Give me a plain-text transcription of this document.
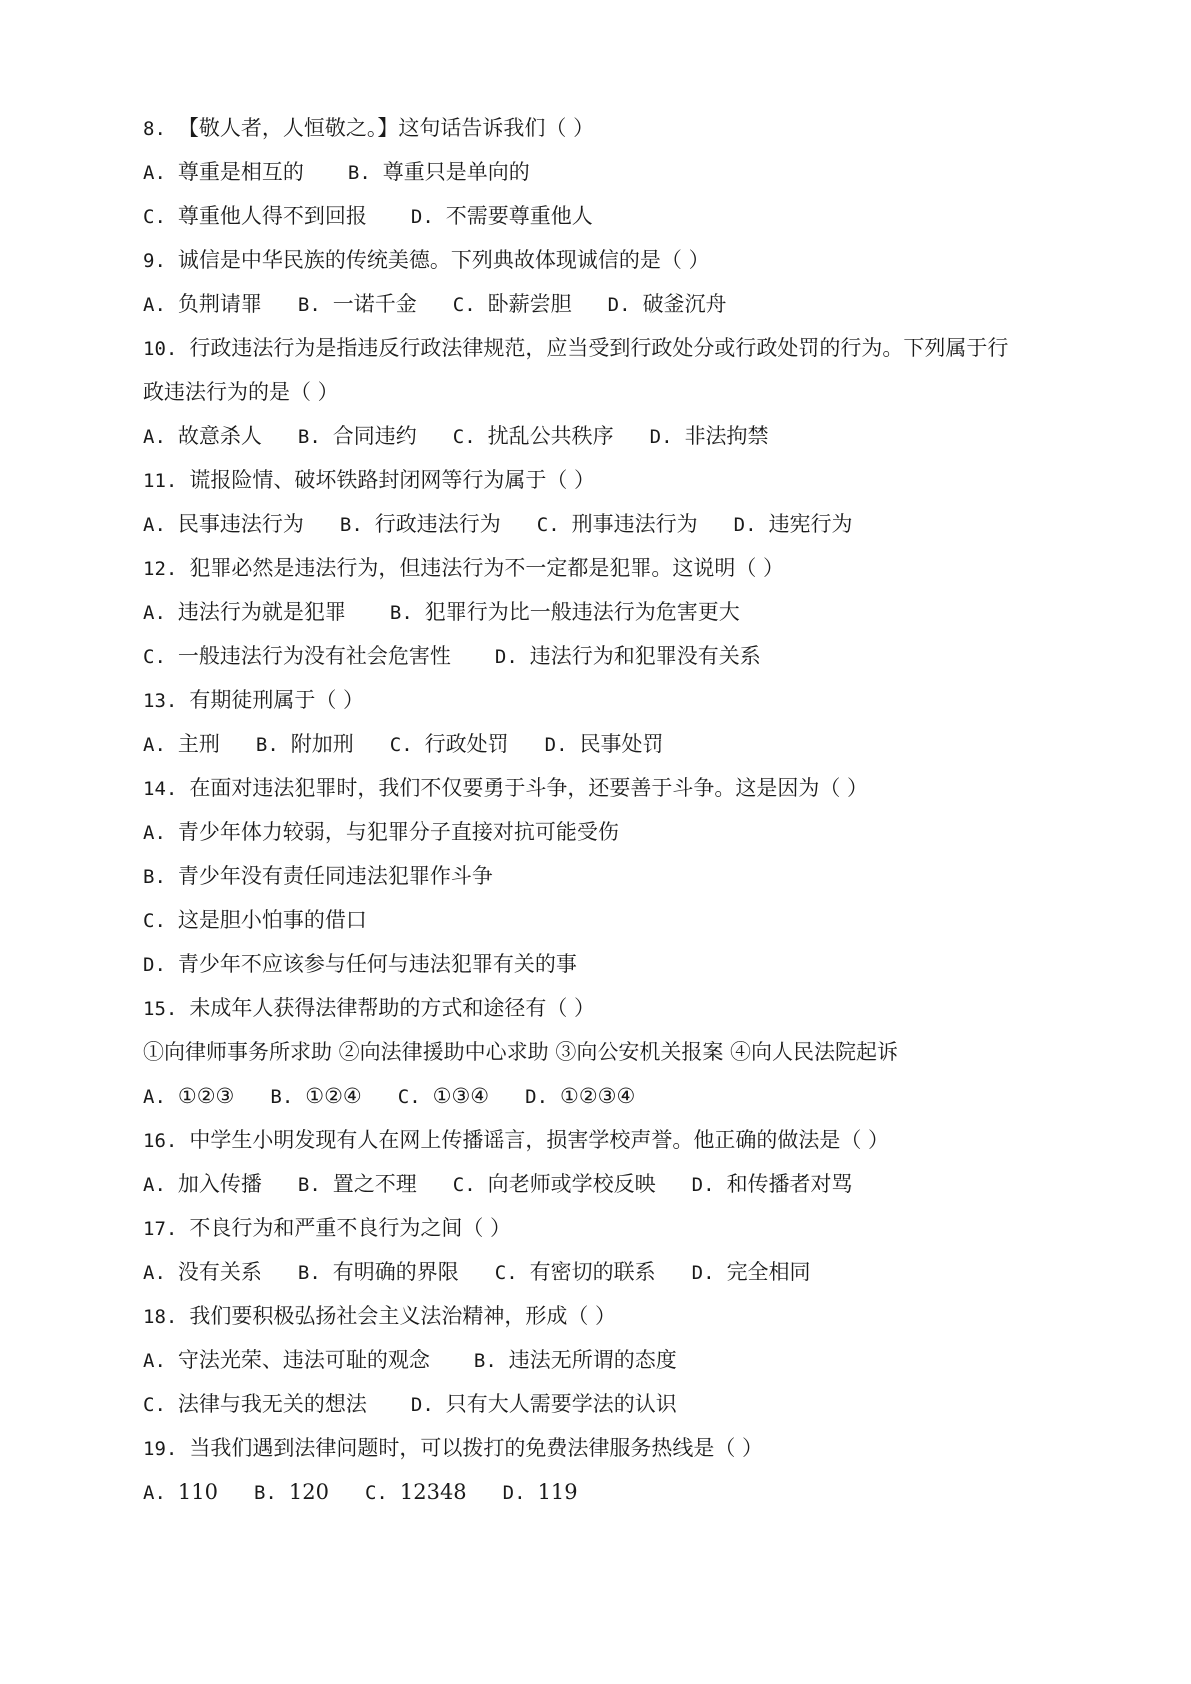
8. 【敬人者，人恒敬之。】这句话告诉我们（ ）
A. 尊重是相互的 B. 尊重只是单向的
C. 尊重他人得不到回报 D. 不需要尊重他人
9. 诚信是中华民族的传统美德。下列典故体现诚信的是（ ）
A. 负荆请罪 B. 一诺千金 C. 卧薪尝胆 D. 破釜沉舟
10. 行政违法行为是指违反行政法律规范，应当受到行政处分或行政处罚的行为。下列属于行
政违法行为的是（ ）
A. 故意杀人 B. 合同违约 C. 扰乱公共秩序 D. 非法拘禁
11. 谎报险情、破坏铁路封闭网等行为属于（ ）
A. 民事违法行为 B. 行政违法行为 C. 刑事违法行为 D. 违宪行为
12. 犯罪必然是违法行为，但违法行为不一定都是犯罪。这说明（ ）
A. 违法行为就是犯罪 B. 犯罪行为比一般违法行为危害更大
C. 一般违法行为没有社会危害性 D. 违法行为和犯罪没有关系
13. 有期徒刑属于（ ）
A. 主刑 B. 附加刑 C. 行政处罚 D. 民事处罚
14. 在面对违法犯罪时，我们不仅要勇于斗争，还要善于斗争。这是因为（ ）
A. 青少年体力较弱，与犯罪分子直接对抗可能受伤
B. 青少年没有责任同违法犯罪作斗争
C. 这是胆小怕事的借口
D. 青少年不应该参与任何与违法犯罪有关的事
15. 未成年人获得法律帮助的方式和途径有（ ）
①向律师事务所求助 ②向法律援助中心求助 ③向公安机关报案 ④向人民法院起诉
A. ①②③ B. ①②④ C. ①③④ D. ①②③④
16. 中学生小明发现有人在网上传播谣言，损害学校声誉。他正确的做法是（ ）
A. 加入传播 B. 置之不理 C. 向老师或学校反映 D. 和传播者对骂
17. 不良行为和严重不良行为之间（ ）
A. 没有关系 B. 有明确的界限 C. 有密切的联系 D. 完全相同
18. 我们要积极弘扬社会主义法治精神，形成（ ）
A. 守法光荣、违法可耻的观念 B. 违法无所谓的态度
C. 法律与我无关的想法 D. 只有大人需要学法的认识
19. 当我们遇到法律问题时，可以拨打的免费法律服务热线是（ ）
A. 110 B. 120 C. 12348 D. 119
